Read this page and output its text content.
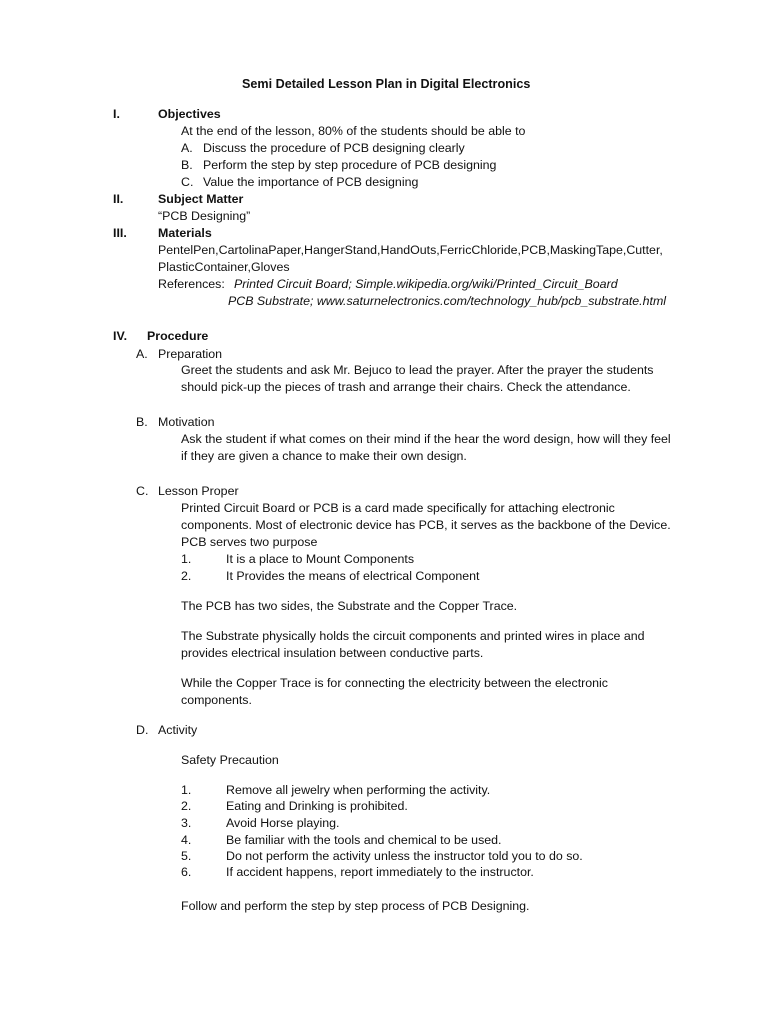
Semi Detailed Lesson Plan in Digital Electronics
I.	Objectives
At the end of the lesson, 80% of the students should be able to
A. Discuss the procedure of PCB designing clearly
B. Perform the step by step procedure of PCB designing
C. Value the importance of PCB designing
II.	Subject Matter
“PCB Designing”
III.	Materials
PentelPen,CartolinaPaper,HangerStand,HandOuts,FerricChloride,PCB,MaskingTape,Cutter,
PlasticContainer,Gloves
References: Printed Circuit Board; Simple.wikipedia.org/wiki/Printed_Circuit_Board
PCB Substrate; www.saturnelectronics.com/technology_hub/pcb_substrate.html
IV. Procedure
A. Preparation
Greet the students and ask Mr. Bejuco to lead the prayer. After the prayer the students
should pick-up the pieces of trash and arrange their chairs. Check the attendance.
B. Motivation
Ask the student if what comes on their mind if the hear the word design, how will they feel
if they are given a chance to make their own design.
C. Lesson Proper
Printed Circuit Board or PCB is a card made specifically for attaching electronic
components. Most of electronic device has PCB, it serves as the backbone of the Device.
PCB serves two purpose
1.	It is a place to Mount Components
2.	It Provides the means of electrical Component
The PCB has two sides, the Substrate and the Copper Trace.
The Substrate physically holds the circuit components and printed wires in place and
provides electrical insulation between conductive parts.
While the Copper Trace is for connecting the electricity between the electronic
components.
D. Activity
Safety Precaution
1.	Remove all jewelry when performing the activity.
2.	Eating and Drinking is prohibited.
3.	Avoid Horse playing.
4.	Be familiar with the tools and chemical to be used.
5.	Do not perform the activity unless the instructor told you to do so.
6.	If accident happens, report immediately to the instructor.
Follow and perform the step by step process of PCB Designing.
